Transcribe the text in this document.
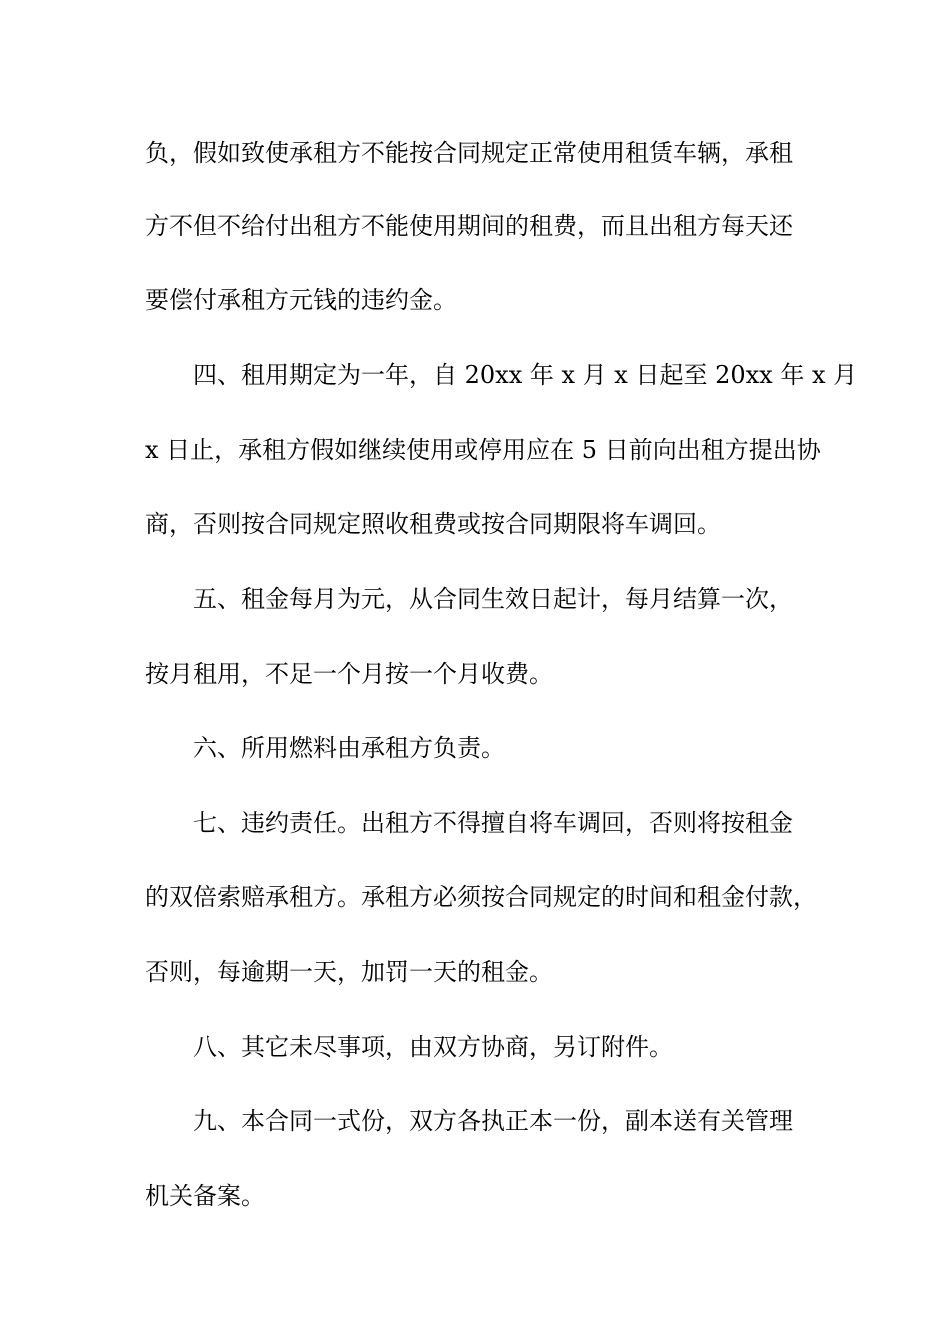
负，假如致使承租方不能按合同规定正常使用租赁车辆，承租

方不但不给付出租方不能使用期间的租费，而且出租方每天还

要偿付承租方元钱的违约金。

四、租用期定为一年，自 20xx 年 x 月 x 日起至 20xx 年 x 月

x 日止，承租方假如继续使用或停用应在 5 日前向出租方提出协

商，否则按合同规定照收租费或按合同期限将车调回。

五、租金每月为元，从合同生效日起计，每月结算一次，

按月租用，不足一个月按一个月收费。

六、所用燃料由承租方负责。

七、违约责任。出租方不得擅自将车调回，否则将按租金

的双倍索赔承租方。承租方必须按合同规定的时间和租金付款，

否则，每逾期一天，加罚一天的租金。

八、其它未尽事项，由双方协商，另订附件。

九、本合同一式份，双方各执正本一份，副本送有关管理

机关备案。
